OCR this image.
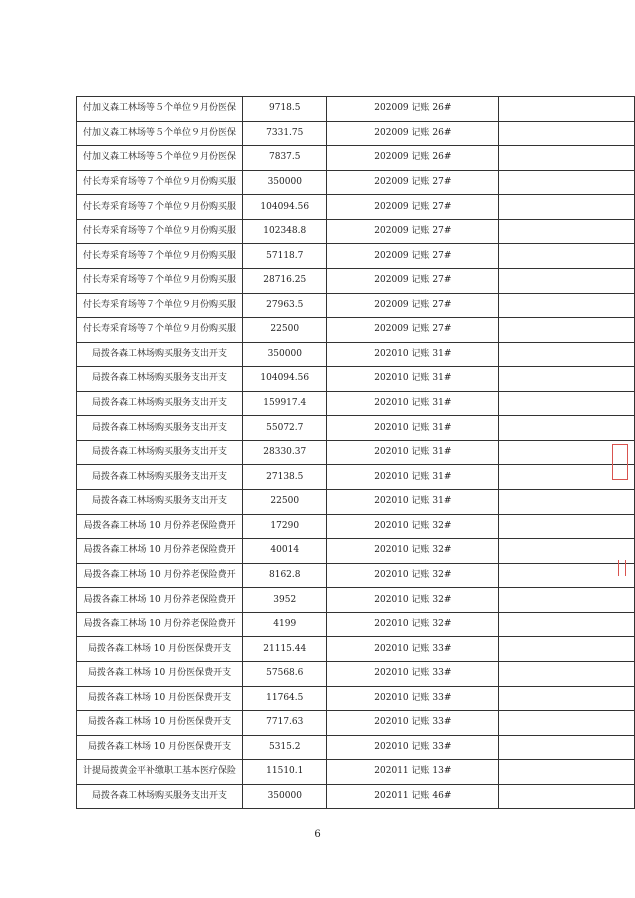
付加义森工林场等５个单位９月份医保	9718.5	202009 记账 26#	
付加义森工林场等５个单位９月份医保	7331.75	202009 记账 26#	
付加义森工林场等５个单位９月份医保	7837.5	202009 记账 26#	
付长寿采育场等７个单位９月份购买服	350000	202009 记账 27#	
付长寿采育场等７个单位９月份购买服	104094.56	202009 记账 27#	
付长寿采育场等７个单位９月份购买服	102348.8	202009 记账 27#	
付长寿采育场等７个单位９月份购买服	57118.7	202009 记账 27#	
付长寿采育场等７个单位９月份购买服	28716.25	202009 记账 27#	
付长寿采育场等７个单位９月份购买服	27963.5	202009 记账 27#	
付长寿采育场等７个单位９月份购买服	22500	202009 记账 27#	
局拨各森工林场购买服务支出开支	350000	202010 记账 31#	
局拨各森工林场购买服务支出开支	104094.56	202010 记账 31#	
局拨各森工林场购买服务支出开支	159917.4	202010 记账 31#	
局拨各森工林场购买服务支出开支	55072.7	202010 记账 31#	
局拨各森工林场购买服务支出开支	28330.37	202010 记账 31#	
局拨各森工林场购买服务支出开支	27138.5	202010 记账 31#	
局拨各森工林场购买服务支出开支	22500	202010 记账 31#	
局拨各森工林场 10 月份养老保险费开	17290	202010 记账 32#	
局拨各森工林场 10 月份养老保险费开	40014	202010 记账 32#	
局拨各森工林场 10 月份养老保险费开	8162.8	202010 记账 32#	
局拨各森工林场 10 月份养老保险费开	3952	202010 记账 32#	
局拨各森工林场 10 月份养老保险费开	4199	202010 记账 32#	
局拨各森工林场 10 月份医保费开支	21115.44	202010 记账 33#	
局拨各森工林场 10 月份医保费开支	57568.6	202010 记账 33#	
局拨各森工林场 10 月份医保费开支	11764.5	202010 记账 33#	
局拨各森工林场 10 月份医保费开支	7717.63	202010 记账 33#	
局拨各森工林场 10 月份医保费开支	5315.2	202010 记账 33#	
计提局拨黄金平补缴职工基本医疗保险	11510.1	202011 记账 13#	
局拨各森工林场购买服务支出开支	350000	202011 记账 46#	
6
